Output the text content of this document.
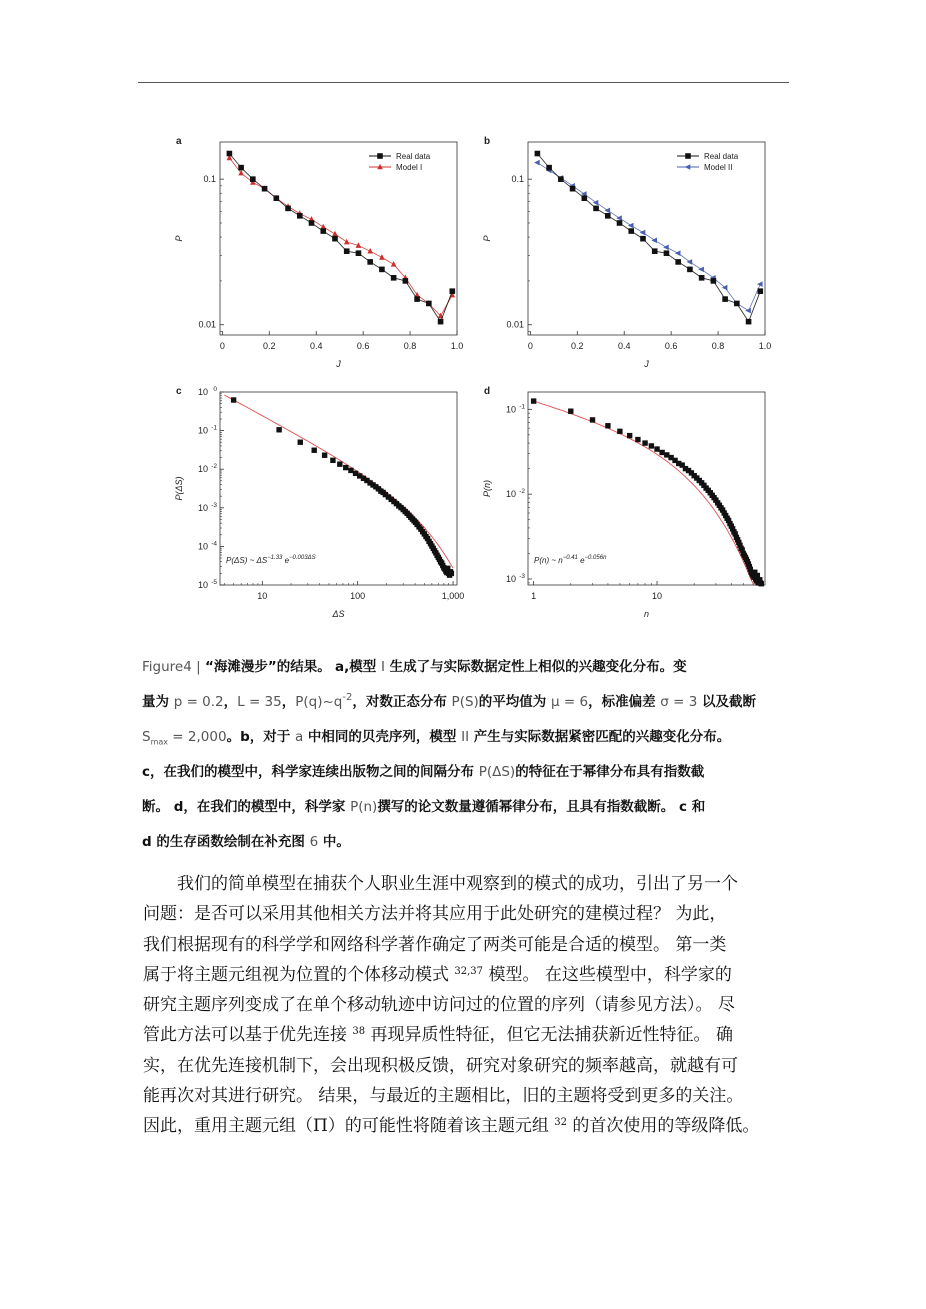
a
0	0.2	0.4	0.6	0.8	1.0
J
0.1
0.01
P
Real data
Model I
b
0	0.2	0.4	0.6	0.8	1.0
J
0.1
0.01
P
Real data
Model II
c
10	100	1,000
ΔS
10 0
10 -1
10 -2
10 -3
10 -4
10 -5
P(ΔS)
P(ΔS) ~ $\Delta S^{-1.33}$ $e^{-0.003\Delta S}$
d
1	10
n
10 -1
10 -2
10 -3
P(n)
P(n) ~ $n^{-0.41}$ $e^{-0.056n}$
Figure4 | “海滩漫步”的结果。 a,模型 I 生成了与实际数据定性上相似的兴趣变化分布。变
量为 p = 0.2，L = 35，$P(q)\sim q^{-2}$，对数正态分布 P(S)的平均值为 μ = 6，标准偏差 σ = 3 以及截断
$S_{max} = 2,000$。b，对于 a 中相同的贝壳序列，模型 II 产生与实际数据紧密匹配的兴趣变化分布。
c，在我们的模型中，科学家连续出版物之间的间隔分布 P(ΔS)的特征在于幂律分布具有指数截
断。 d，在我们的模型中，科学家 P(n)撰写的论文数量遵循幂律分布，且具有指数截断。 c 和
d 的生存函数绘制在补充图 6 中。
我们的简单模型在捕获个人职业生涯中观察到的模式的成功，引出了另一个
问题：是否可以采用其他相关方法并将其应用于此处研究的建模过程？ 为此，
我们根据现有的科学学和网络科学著作确定了两类可能是合适的模型。 第一类
属于将主题元组视为位置的个体移动模式 $^{32,37}$ 模型。 在这些模型中，科学家的
研究主题序列变成了在单个移动轨迹中访问过的位置的序列（请参见方法）。 尽
管此方法可以基于优先连接 $^{38}$ 再现异质性特征，但它无法捕获新近性特征。 确
实，在优先连接机制下，会出现积极反馈，研究对象研究的频率越高，就越有可
能再次对其进行研究。 结果，与最近的主题相比，旧的主题将受到更多的关注。
因此，重用主题元组（Π）的可能性将随着该主题元组 $^{32}$ 的首次使用的等级降低。
